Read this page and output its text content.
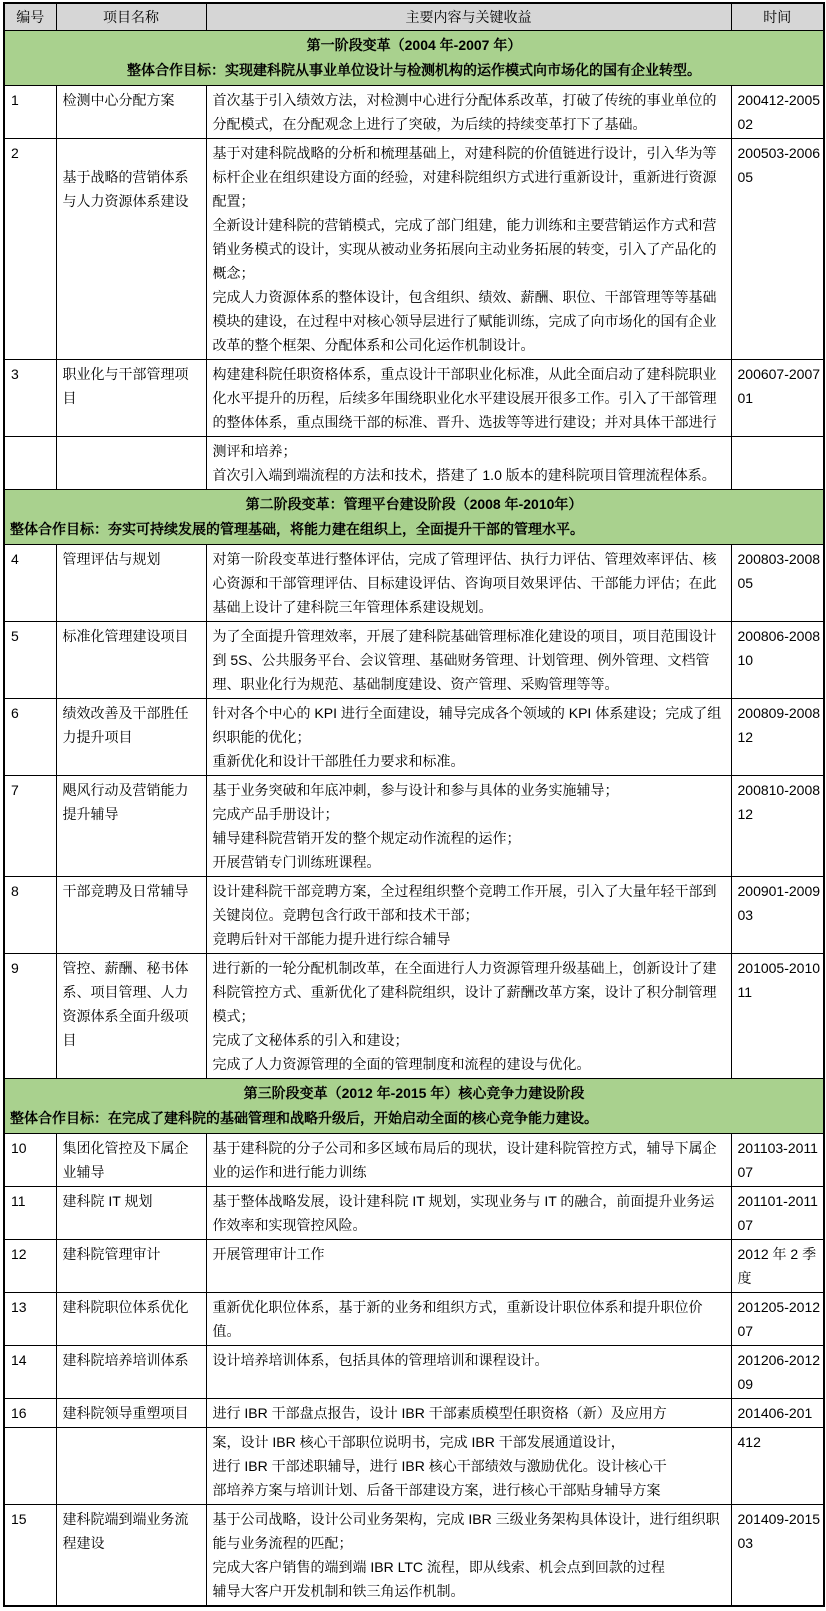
编号	项目名称	主要内容与关键收益	时间

第一阶段变革（2004 年-2007 年）
整体合作目标：实现建科院从事业单位设计与检测机构的运作模式向市场化的国有企业转型。			

1	检测中心分配方案	首次基于引入绩效方法，对检测中心进行分配体系改革，打破了传统的事业单位的分配模式，在分配观念上进行了突破，为后续的持续变革打下了基础。	200412-200502
2	基于战略的营销体系与人力资源体系建设	基于对建科院战略的分析和梳理基础上，对建科院的价值链进行设计，引入华为等标杆企业在组织建设方面的经验，对建科院组织方式进行重新设计，重新进行资源配置；
全新设计建科院的营销模式，完成了部门组建，能力训练和主要营销运作方式和营销业务模式的设计，实现从被动业务拓展向主动业务拓展的转变，引入了产品化的概念；
完成人力资源体系的整体设计，包含组织、绩效、薪酬、职位、干部管理等等基础模块的建设，在过程中对核心领导层进行了赋能训练，完成了向市场化的国有企业改革的整个框架、分配体系和公司化运作机制设计。	200503-200605
3	职业化与干部管理项目	构建建科院任职资格体系，重点设计干部职业化标准，从此全面启动了建科院职业化水平提升的历程，后续多年围绕职业化水平建设展开很多工作。引入了干部管理的整体体系，重点围绕干部的标准、晋升、选拔等等进行建设；并对具体干部进行	200607-200701

		测评和培养；
首次引入端到端流程的方法和技术，搭建了 1.0 版本的建科院项目管理流程体系。	

第二阶段变革：管理平台建设阶段（2008 年-2010年）
整体合作目标：夯实可持续发展的管理基础，将能力建在组织上，全面提升干部的管理水平。			

4	管理评估与规划	对第一阶段变革进行整体评估，完成了管理评估、执行力评估、管理效率评估、核心资源和干部管理评估、目标建设评估、咨询项目效果评估、干部能力评估；在此基础上设计了建科院三年管理体系建设规划。	200803-200805
5	标准化管理建设项目	为了全面提升管理效率，开展了建科院基础管理标准化建设的项目，项目范围设计到 5S、公共服务平台、会议管理、基础财务管理、计划管理、例外管理、文档管理、职业化行为规范、基础制度建设、资产管理、采购管理等等。	200806-200810
6	绩效改善及干部胜任力提升项目	针对各个中心的 KPI 进行全面建设，辅导完成各个领域的 KPI 体系建设；完成了组织职能的优化；
重新优化和设计干部胜任力要求和标准。	200809-200812
7	飓风行动及营销能力提升辅导	基于业务突破和年底冲刺，参与设计和参与具体的业务实施辅导；
完成产品手册设计；
辅导建科院营销开发的整个规定动作流程的运作；
开展营销专门训练班课程。	200810-200812
8	干部竞聘及日常辅导	设计建科院干部竞聘方案，全过程组织整个竞聘工作开展，引入了大量年轻干部到关键岗位。竞聘包含行政干部和技术干部；
竞聘后针对干部能力提升进行综合辅导	200901-200903
9	管控、薪酬、秘书体系、项目管理、人力资源体系全面升级项目	进行新的一轮分配机制改革，在全面进行人力资源管理升级基础上，创新设计了建科院管控方式、重新优化了建科院组织，设计了薪酬改革方案，设计了积分制管理模式；
完成了文秘体系的引入和建设；
完成了人力资源管理的全面的管理制度和流程的建设与优化。	201005-201011

第三阶段变革（2012 年-2015 年）核心竞争力建设阶段
整体合作目标：在完成了建科院的基础管理和战略升级后，开始启动全面的核心竞争能力建设。			

10	集团化管控及下属企业辅导	基于建科院的分子公司和多区域布局后的现状，设计建科院管控方式，辅导下属企业的运作和进行能力训练	201103-201107
11	建科院 IT 规划	基于整体战略发展，设计建科院 IT 规划，实现业务与 IT 的融合，前面提升业务运作效率和实现管控风险。	201101-201107
12	建科院管理审计	开展管理审计工作	2012 年 2 季度
13	建科院职位体系优化	重新优化职位体系，基于新的业务和组织方式，重新设计职位体系和提升职位价值。	201205-201207
14	建科院培养培训体系	设计培养培训体系，包括具体的管理培训和课程设计。	201206-201209
16	建科院领导重塑项目	进行 IBR 干部盘点报告，设计 IBR 干部素质模型任职资格（新）及应用方	201406-201

		案，设计 IBR 核心干部职位说明书，完成 IBR 干部发展通道设计，
进行 IBR 干部述职辅导，进行 IBR 核心干部绩效与激励优化。设计核心干
部培养方案与培训计划、后备干部建设方案，进行核心干部贴身辅导方案	412
15	建科院端到端业务流程建设	基于公司战略，设计公司业务架构，完成 IBR 三级业务架构具体设计，进行组织职能与业务流程的匹配；
完成大客户销售的端到端 IBR LTC 流程，即从线索、机会点到回款的过程
辅导大客户开发机制和铁三角运作机制。	201409-201503
